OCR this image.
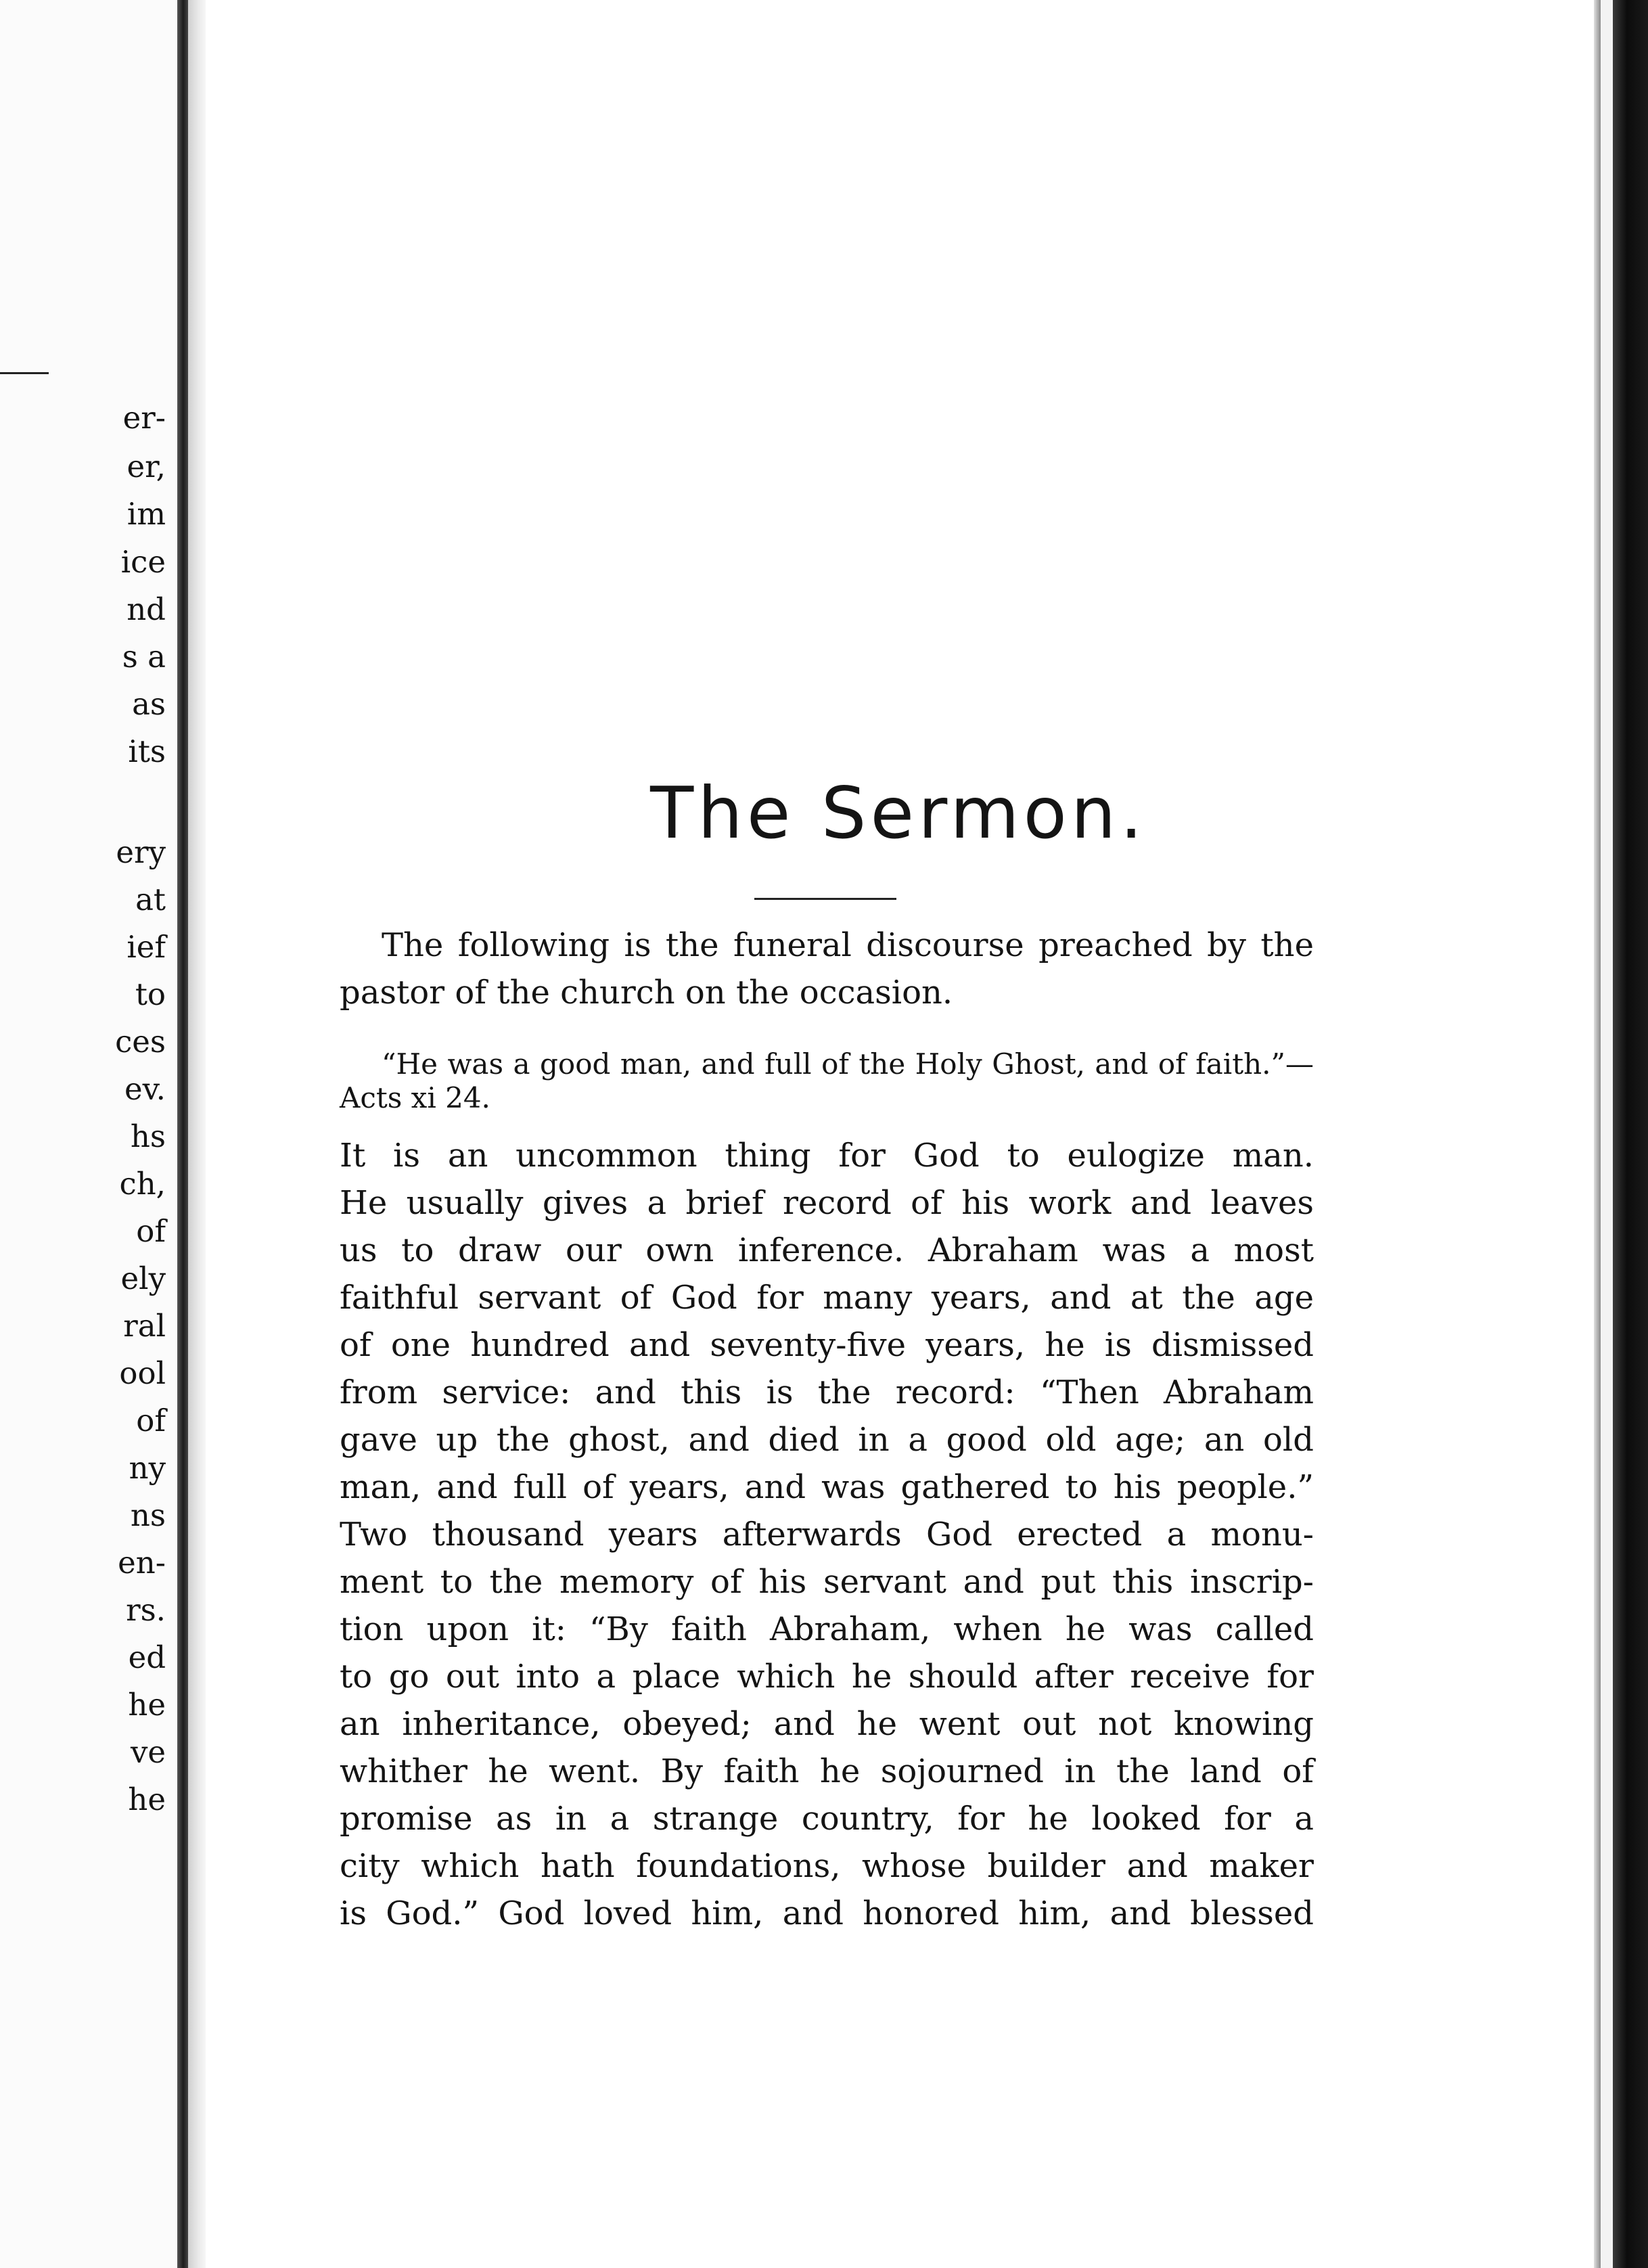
er-
er,
im
ice
nd
s a
as
its
ery
at
ief
to
ces
ev.
hs
ch,
of
ely
ral
ool
of
ny
ns
en-
rs.
ed
he
ve
he
The Sermon.

The following is the funeral discourse preached by the pastor of the church on the occasion.

“He was a good man, and full of the Holy Ghost, and of faith.”—Acts xi 24.

It is an uncommon thing for God to eulogize man.
He usually gives a brief record of his work and leaves
us to draw our own inference. Abraham was a most
faithful servant of God for many years, and at the age
of one hundred and seventy-five years, he is dismissed
from service: and this is the record: “Then Abraham
gave up the ghost, and died in a good old age; an old
man, and full of years, and was gathered to his people.”
Two thousand years afterwards God erected a monu-
ment to the memory of his servant and put this inscrip-
tion upon it: “By faith Abraham, when he was called
to go out into a place which he should after receive for
an inheritance, obeyed; and he went out not knowing
whither he went. By faith he sojourned in the land of
promise as in a strange country, for he looked for a
city which hath foundations, whose builder and maker
is God.” God loved him, and honored him, and blessed
